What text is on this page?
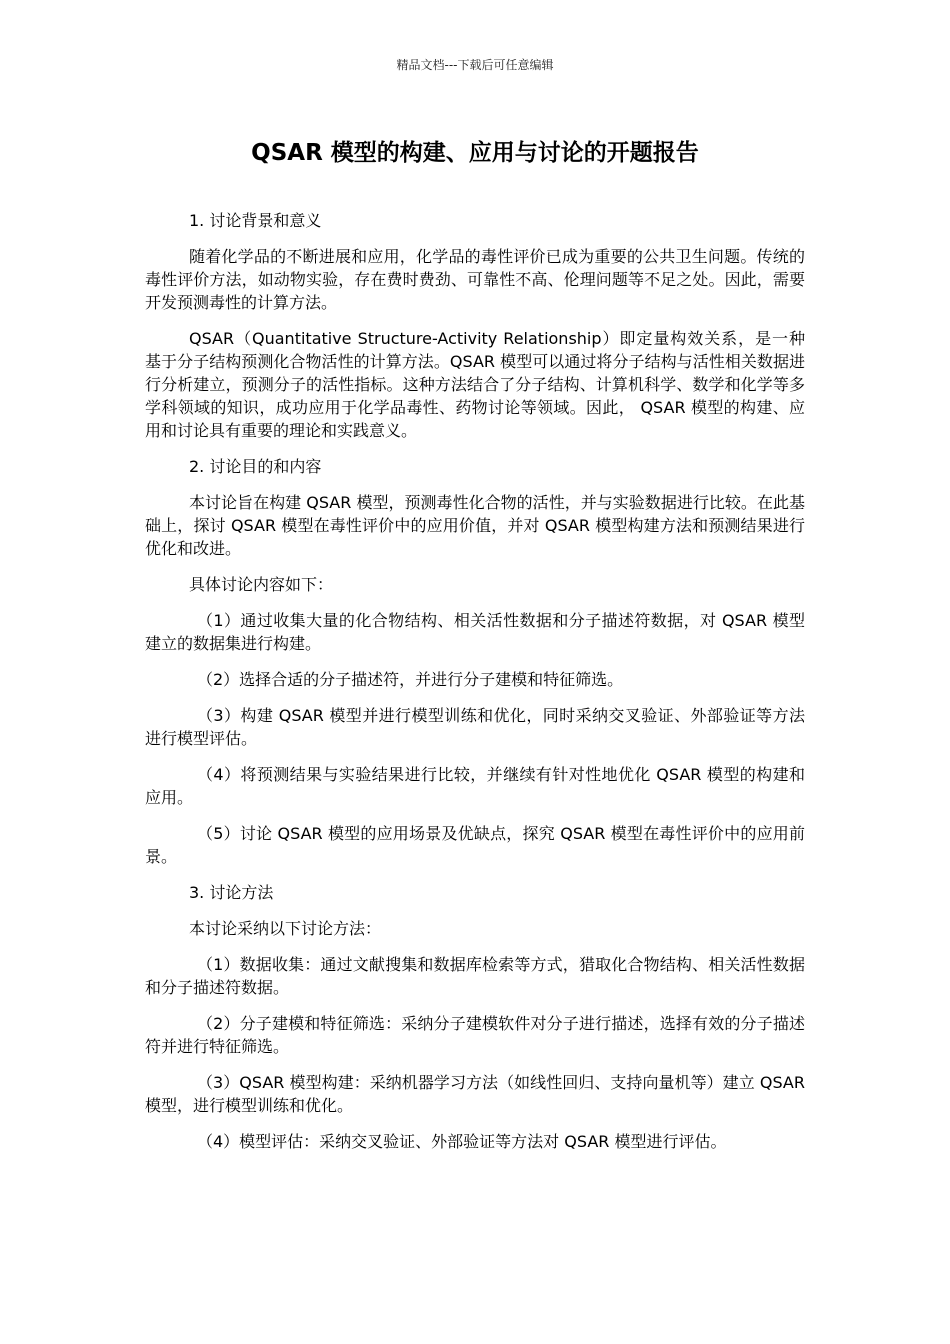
精品文档---下载后可任意编辑
QSAR 模型的构建、应用与讨论的开题报告

1. 讨论背景和意义

随着化学品的不断进展和应用，化学品的毒性评价已成为重要的公共卫生问题。传统的毒性评价方法，如动物实验，存在费时费劲、可靠性不高、伦理问题等不足之处。因此，需要开发预测毒性的计算方法。

QSAR（Quantitative Structure-Activity Relationship）即定量构效关系，是一种基于分子结构预测化合物活性的计算方法。QSAR 模型可以通过将分子结构与活性相关数据进行分析建立，预测分子的活性指标。这种方法结合了分子结构、计算机科学、数学和化学等多学科领域的知识，成功应用于化学品毒性、药物讨论等领域。因此， QSAR 模型的构建、应用和讨论具有重要的理论和实践意义。

2. 讨论目的和内容

本讨论旨在构建 QSAR 模型，预测毒性化合物的活性，并与实验数据进行比较。在此基础上，探讨 QSAR 模型在毒性评价中的应用价值，并对 QSAR 模型构建方法和预测结果进行优化和改进。

具体讨论内容如下：

（1）通过收集大量的化合物结构、相关活性数据和分子描述符数据，对 QSAR 模型建立的数据集进行构建。

（2）选择合适的分子描述符，并进行分子建模和特征筛选。

（3）构建 QSAR 模型并进行模型训练和优化，同时采纳交叉验证、外部验证等方法进行模型评估。

（4）将预测结果与实验结果进行比较，并继续有针对性地优化 QSAR 模型的构建和应用。

（5）讨论 QSAR 模型的应用场景及优缺点，探究 QSAR 模型在毒性评价中的应用前景。

3. 讨论方法

本讨论采纳以下讨论方法：

（1）数据收集：通过文献搜集和数据库检索等方式，猎取化合物结构、相关活性数据和分子描述符数据。

（2）分子建模和特征筛选：采纳分子建模软件对分子进行描述，选择有效的分子描述符并进行特征筛选。

（3）QSAR 模型构建：采纳机器学习方法（如线性回归、支持向量机等）建立 QSAR 模型，进行模型训练和优化。

（4）模型评估：采纳交叉验证、外部验证等方法对 QSAR 模型进行评估。
